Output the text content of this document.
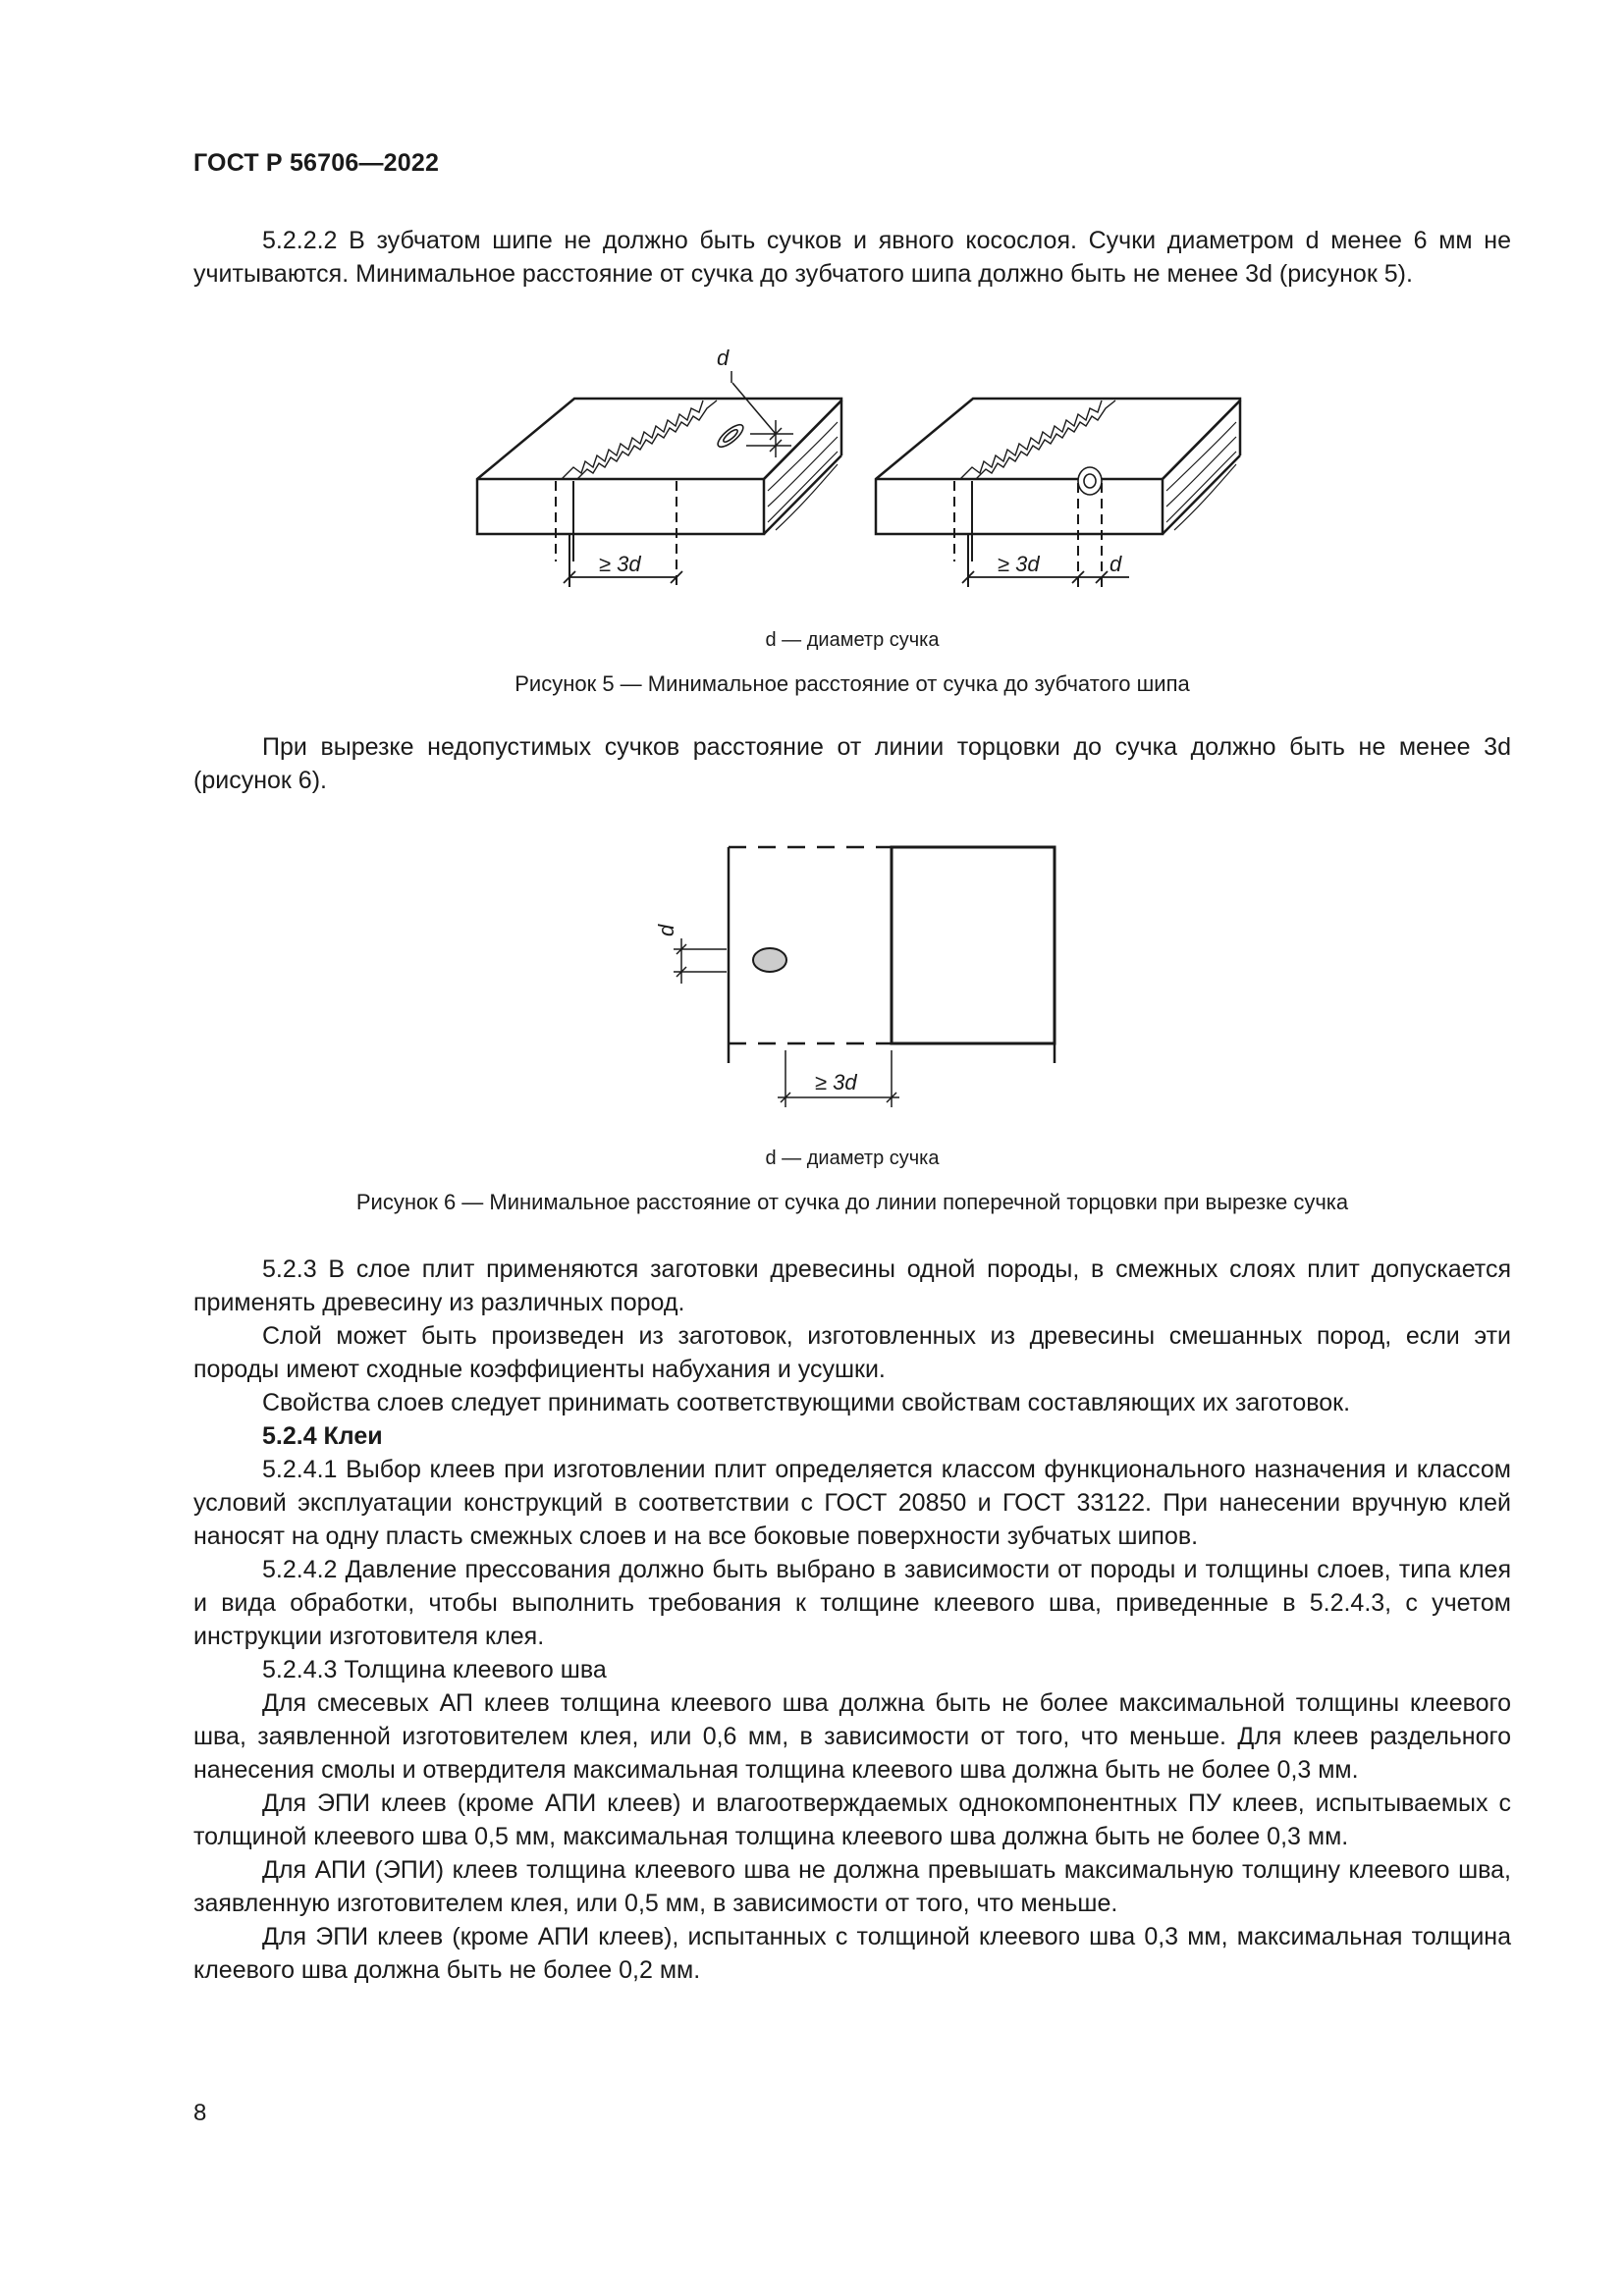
ГОСТ Р 56706—2022

5.2.2.2 В зубчатом шипе не должно быть сучков и явного косослоя. Сучки диаметром d менее 6 мм не учитываются. Минимальное расстояние от сучка до зубчатого шипа должно быть не менее 3d (рисунок 5).

≥ 3d
d
≥ 3d	d
d — диаметр сучка
Рисунок 5 — Минимальное расстояние от сучка до зубчатого шипа

При вырезке недопустимых сучков расстояние от линии торцовки до сучка должно быть не менее 3d (рисунок 6).

d
≥ 3d
d — диаметр сучка
Рисунок 6 — Минимальное расстояние от сучка до линии поперечной торцовки при вырезке сучка

5.2.3 В слое плит применяются заготовки древесины одной породы, в смежных слоях плит допускается применять древесину из различных пород.

Слой может быть произведен из заготовок, изготовленных из древесины смешанных пород, если эти породы имеют сходные коэффициенты набухания и усушки.

Свойства слоев следует принимать соответствующими свойствам составляющих их заготовок.

5.2.4 Клеи

5.2.4.1 Выбор клеев при изготовлении плит определяется классом функционального назначения и классом условий эксплуатации конструкций в соответствии с ГОСТ 20850 и ГОСТ 33122. При нанесении вручную клей наносят на одну пласть смежных слоев и на все боковые поверхности зубчатых шипов.

5.2.4.2 Давление прессования должно быть выбрано в зависимости от породы и толщины слоев, типа клея и вида обработки, чтобы выполнить требования к толщине клеевого шва, приведенные в 5.2.4.3, с учетом инструкции изготовителя клея.

5.2.4.3 Толщина клеевого шва

Для смесевых АП клеев толщина клеевого шва должна быть не более максимальной толщины клеевого шва, заявленной изготовителем клея, или 0,6 мм, в зависимости от того, что меньше. Для клеев раздельного нанесения смолы и отвердителя максимальная толщина клеевого шва должна быть не более 0,3 мм.

Для ЭПИ клеев (кроме АПИ клеев) и влагоотверждаемых однокомпонентных ПУ клеев, испытываемых с толщиной клеевого шва 0,5 мм, максимальная толщина клеевого шва должна быть не более 0,3 мм.

Для АПИ (ЭПИ) клеев толщина клеевого шва не должна превышать максимальную толщину клеевого шва, заявленную изготовителем клея, или 0,5 мм, в зависимости от того, что меньше.

Для ЭПИ клеев (кроме АПИ клеев), испытанных с толщиной клеевого шва 0,3 мм, максимальная толщина клеевого шва должна быть не более 0,2 мм.

8
